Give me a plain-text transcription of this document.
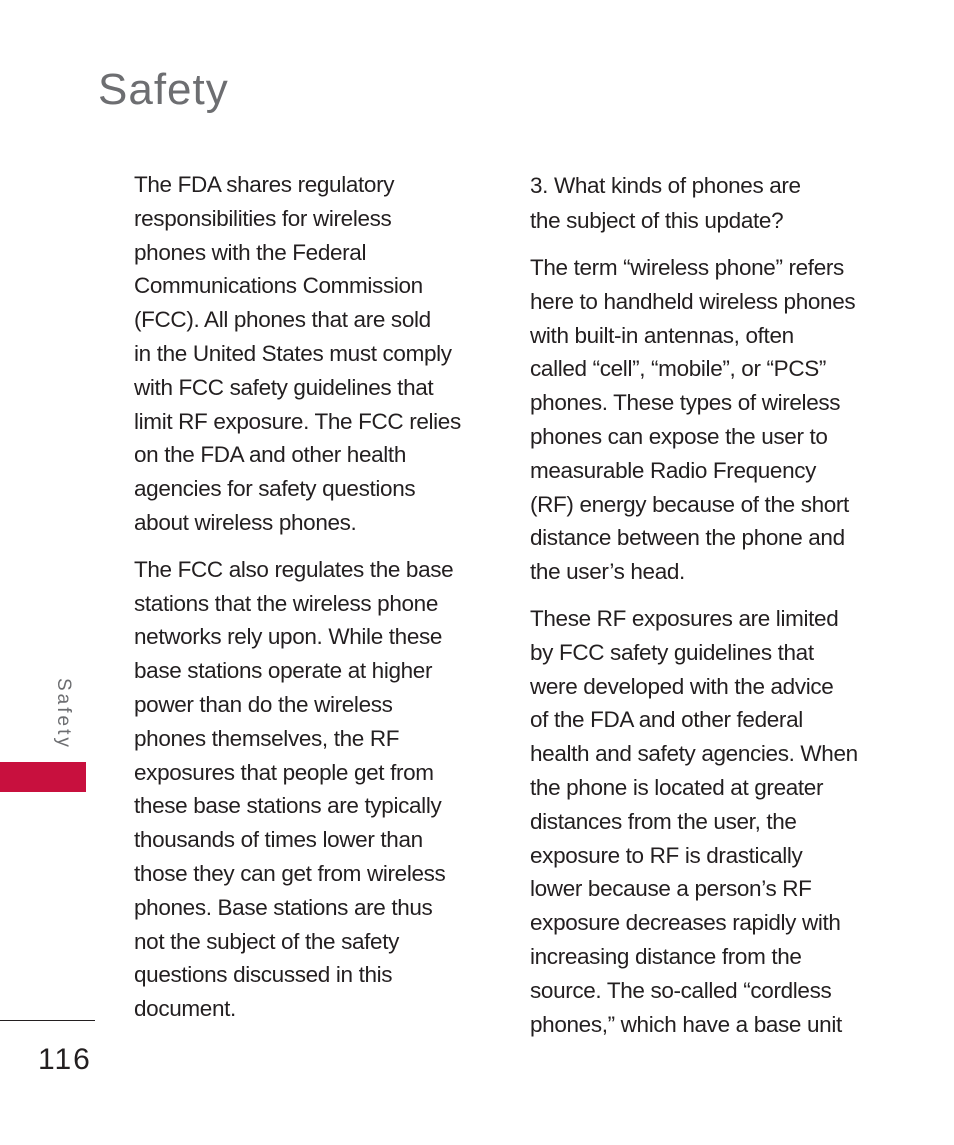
Safety
Safety
116

The FDA shares regulatory
responsibilities for wireless
phones with the Federal
Communications Commission
(FCC). All phones that are sold
in the United States must comply
with FCC safety guidelines that
limit RF exposure. The FCC relies
on the FDA and other health
agencies for safety questions
about wireless phones.

The FCC also regulates the base
stations that the wireless phone
networks rely upon. While these
base stations operate at higher
power than do the wireless
phones themselves, the RF
exposures that people get from
these base stations are typically
thousands of times lower than
those they can get from wireless
phones. Base stations are thus
not the subject of the safety
questions discussed in this
document.

3. What kinds of phones are
the subject of this update?

The term “wireless phone” refers
here to handheld wireless phones
with built-in antennas, often
called “cell”, “mobile”, or “PCS”
phones. These types of wireless
phones can expose the user to
measurable Radio Frequency
(RF) energy because of the short
distance between the phone and
the user’s head.

These RF exposures are limited
by FCC safety guidelines that
were developed with the advice
of the FDA and other federal
health and safety agencies. When
the phone is located at greater
distances from the user, the
exposure to RF is drastically
lower because a person’s RF
exposure decreases rapidly with
increasing distance from the
source. The so-called “cordless
phones,” which have a base unit
